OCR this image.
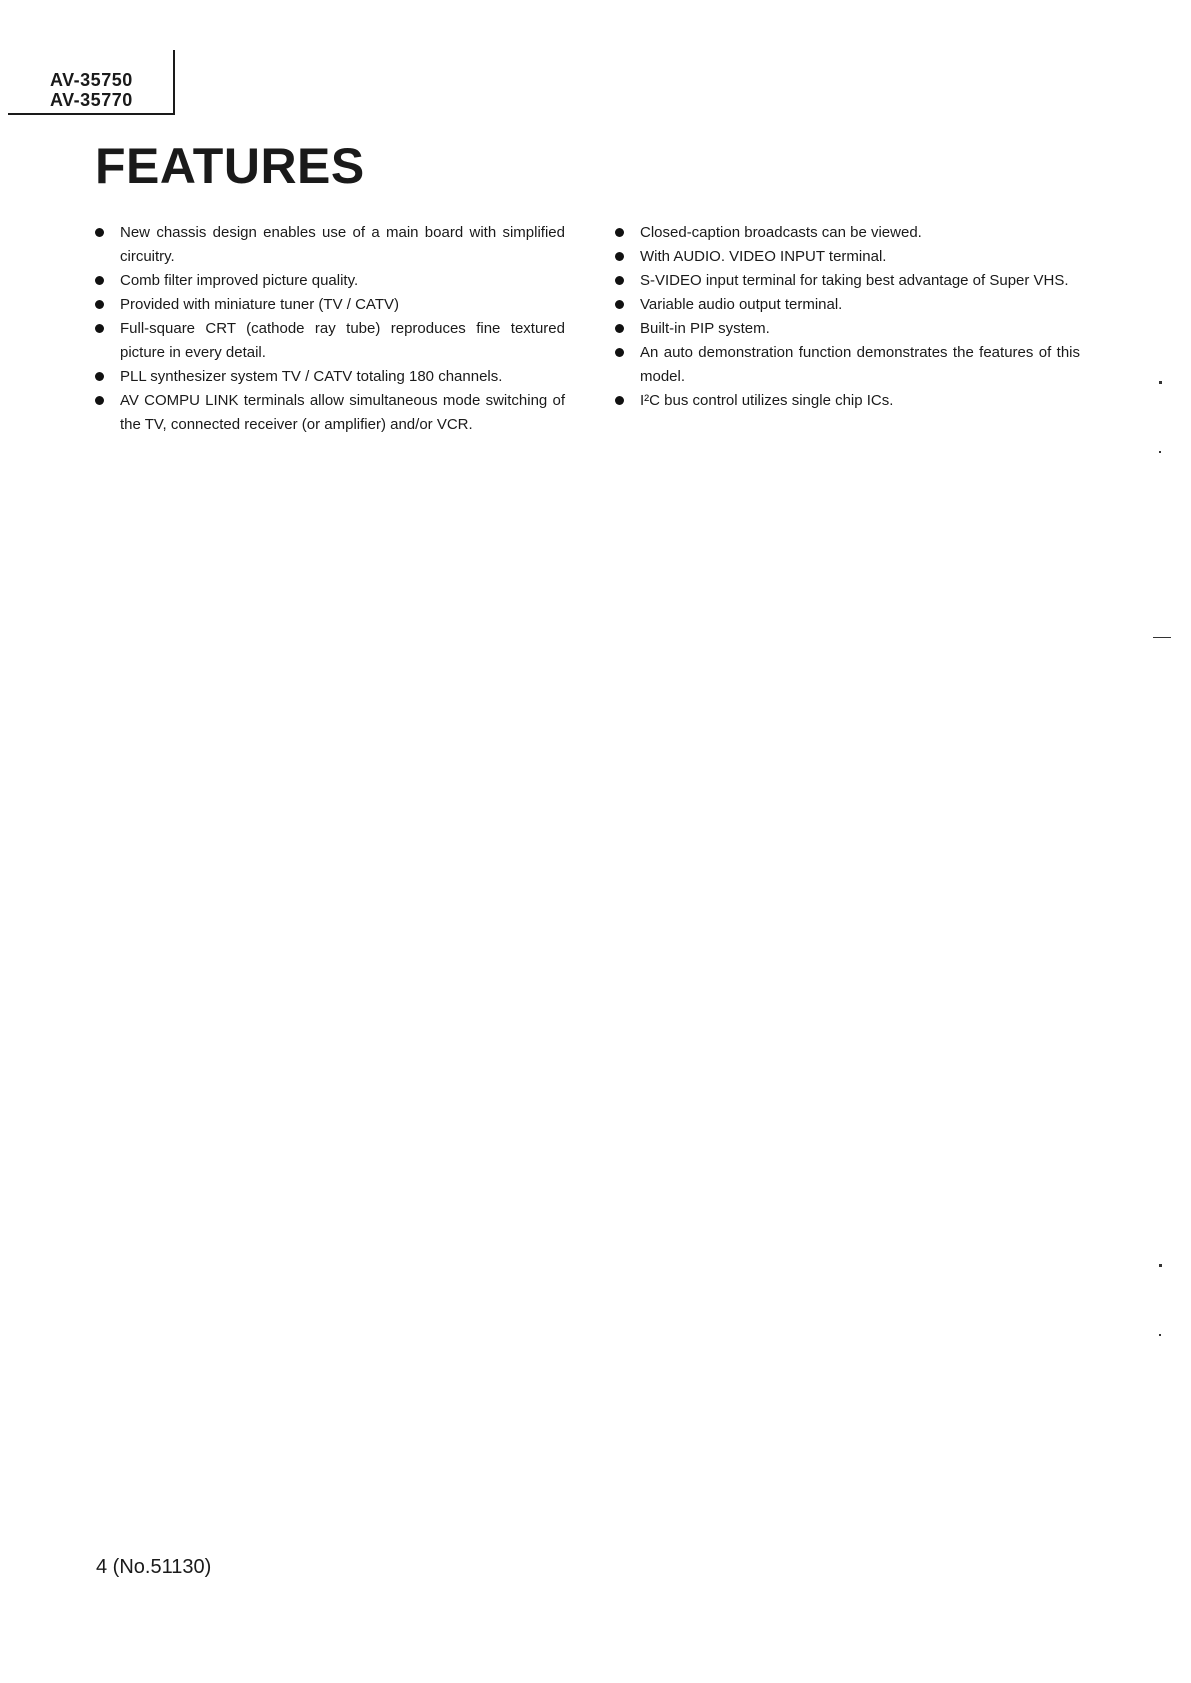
AV-35750

AV-35770

FEATURES
New chassis design enables use of a main board with simplified circuitry.
Comb filter improved picture quality.
Provided with miniature tuner (TV / CATV)
Full-square CRT (cathode ray tube) reproduces fine textured picture in every detail.
PLL synthesizer system TV / CATV totaling 180 channels.
AV COMPU LINK terminals allow simultaneous mode switching of the TV, connected receiver (or amplifier) and/or VCR.
Closed-caption broadcasts can be viewed.
With AUDIO. VIDEO INPUT terminal.
S-VIDEO input terminal for taking best advantage of Super VHS.
Variable audio output terminal.
Built-in PIP system.
An auto demonstration function demonstrates the features of this model.
I²C bus control utilizes single chip ICs.

4 (No.51130)
